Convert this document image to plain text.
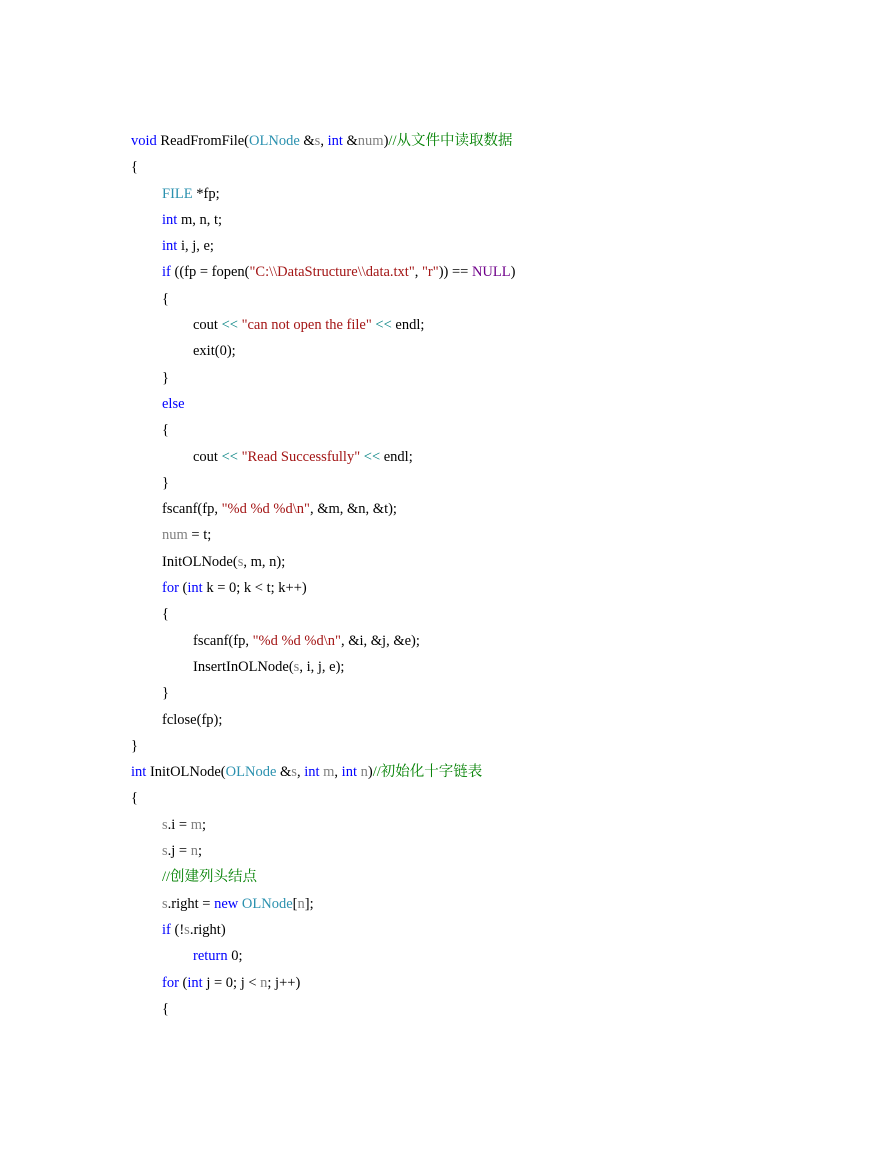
void ReadFromFile(OLNode &s, int &num)//从文件中读取数据
{
FILE *fp;
int m, n, t;
int i, j, e;
if ((fp = fopen("C:\\DataStructure\\data.txt", "r")) == NULL)
{
cout << "can not open the file" << endl;
exit(0);
}
else
{
cout << "Read Successfully" << endl;
}
fscanf(fp, "%d %d %d\n", &m, &n, &t);
num = t;
InitOLNode(s, m, n);
for (int k = 0; k < t; k++)
{
fscanf(fp, "%d %d %d\n", &i, &j, &e);
InsertInOLNode(s, i, j, e);
}
fclose(fp);
}
int InitOLNode(OLNode &s, int m, int n)//初始化十字链表
{
s.i = m;
s.j = n;
//创建列头结点
s.right = new OLNode[n];
if (!s.right)
return 0;
for (int j = 0; j < n; j++)
{
